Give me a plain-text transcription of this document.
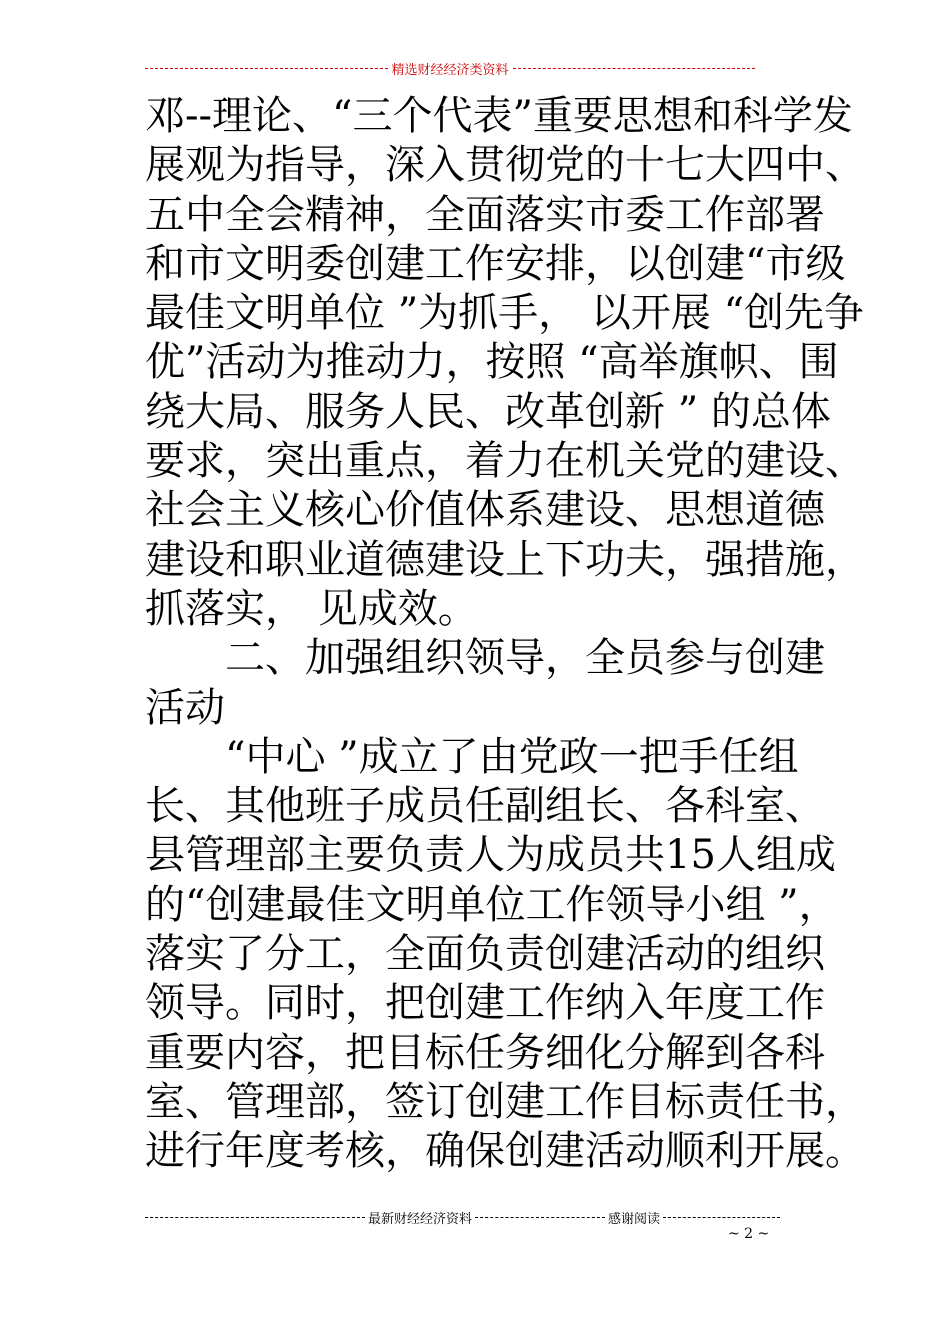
精选财经经济类资料
邓--理论、“三个代表”重要思想和科学发
展观为指导，深入贯彻党的十七大四中、
五中全会精神，全面落实市委工作部署
和市文明委创建工作安排，以创建“市级
最佳文明单位 ”为抓手， 以开展 “创先争
优”活动为推动力，按照 “高举旗帜、围
绕大局、服务人民、改革创新 ” 的总体
要求，突出重点，着力在机关党的建设、
社会主义核心价值体系建设、思想道德
建设和职业道德建设上下功夫，强措施，
抓落实， 见成效。
二、加强组织领导，全员参与创建
活动
“中心 ”成立了由党政一把手任组
长、其他班子成员任副组长、各科室、
县管理部主要负责人为成员共15人组成
的“创建最佳文明单位工作领导小组 ”，
落实了分工，全面负责创建活动的组织
领导。同时，把创建工作纳入年度工作
重要内容，把目标任务细化分解到各科
室、管理部，签订创建工作目标责任书，
进行年度考核，确保创建活动顺利开展。
最新财经经济资料	感谢阅读
~ 2 ~
